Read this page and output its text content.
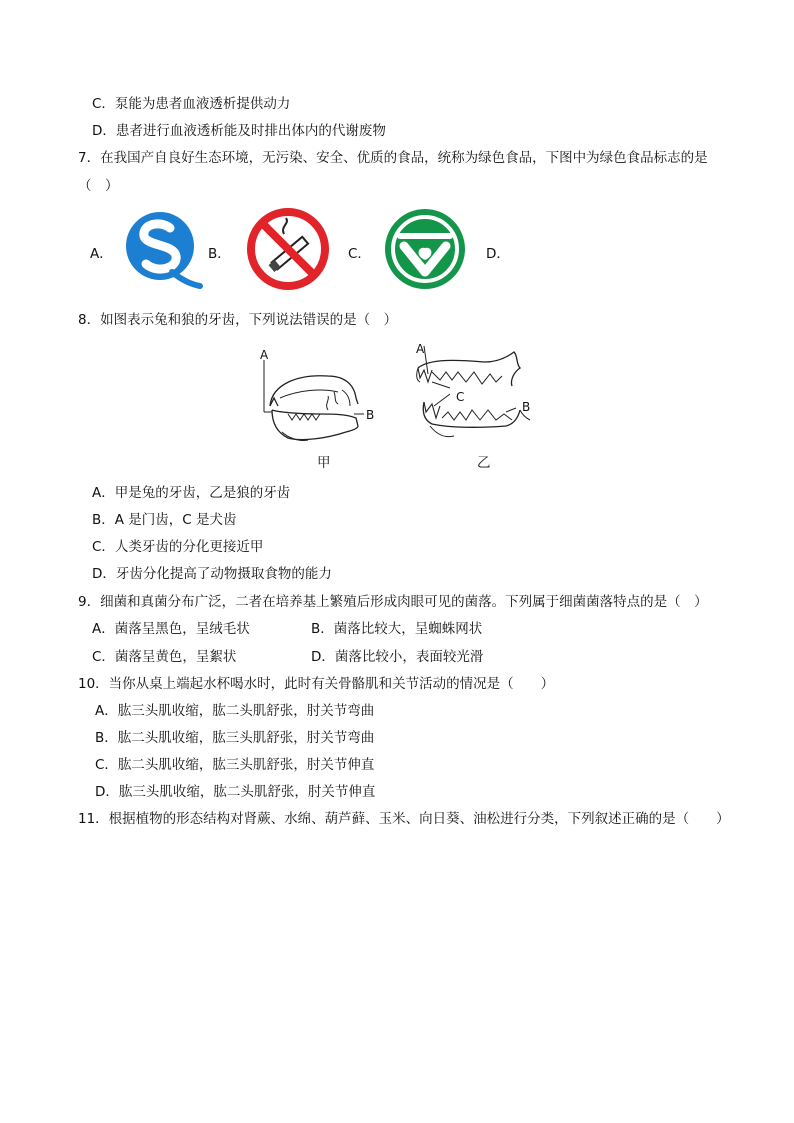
C．泵能为患者血液透析提供动力
D．患者进行血液透析能及时排出体内的代谢废物
7．在我国产自良好生态环境，无污染、安全、优质的食品，统称为绿色食品，下图中为绿色食品标志的是
（　）
A．	B．	C．	D．
8．如图表示兔和狼的牙齿，下列说法错误的是（　）
A
B
甲
A
C
B
乙
A．甲是兔的牙齿，乙是狼的牙齿
B．A 是门齿，C 是犬齿
C．人类牙齿的分化更接近甲
D．牙齿分化提高了动物摄取食物的能力
9．细菌和真菌分布广泛，二者在培养基上繁殖后形成肉眼可见的菌落。下列属于细菌菌落特点的是（　）
A．菌落呈黑色，呈绒毛状	B．菌落比较大，呈蜘蛛网状
C．菌落呈黄色，呈絮状	D．菌落比较小，表面较光滑
10．当你从桌上端起水杯喝水时，此时有关骨骼肌和关节活动的情况是（　　）
A．肱三头肌收缩，肱二头肌舒张，肘关节弯曲
B．肱二头肌收缩，肱三头肌舒张，肘关节弯曲
C．肱二头肌收缩，肱三头肌舒张，肘关节伸直
D．肱三头肌收缩，肱二头肌舒张，肘关节伸直
11．根据植物的形态结构对肾蕨、水绵、葫芦藓、玉米、向日葵、油松进行分类，下列叙述正确的是（　　）
